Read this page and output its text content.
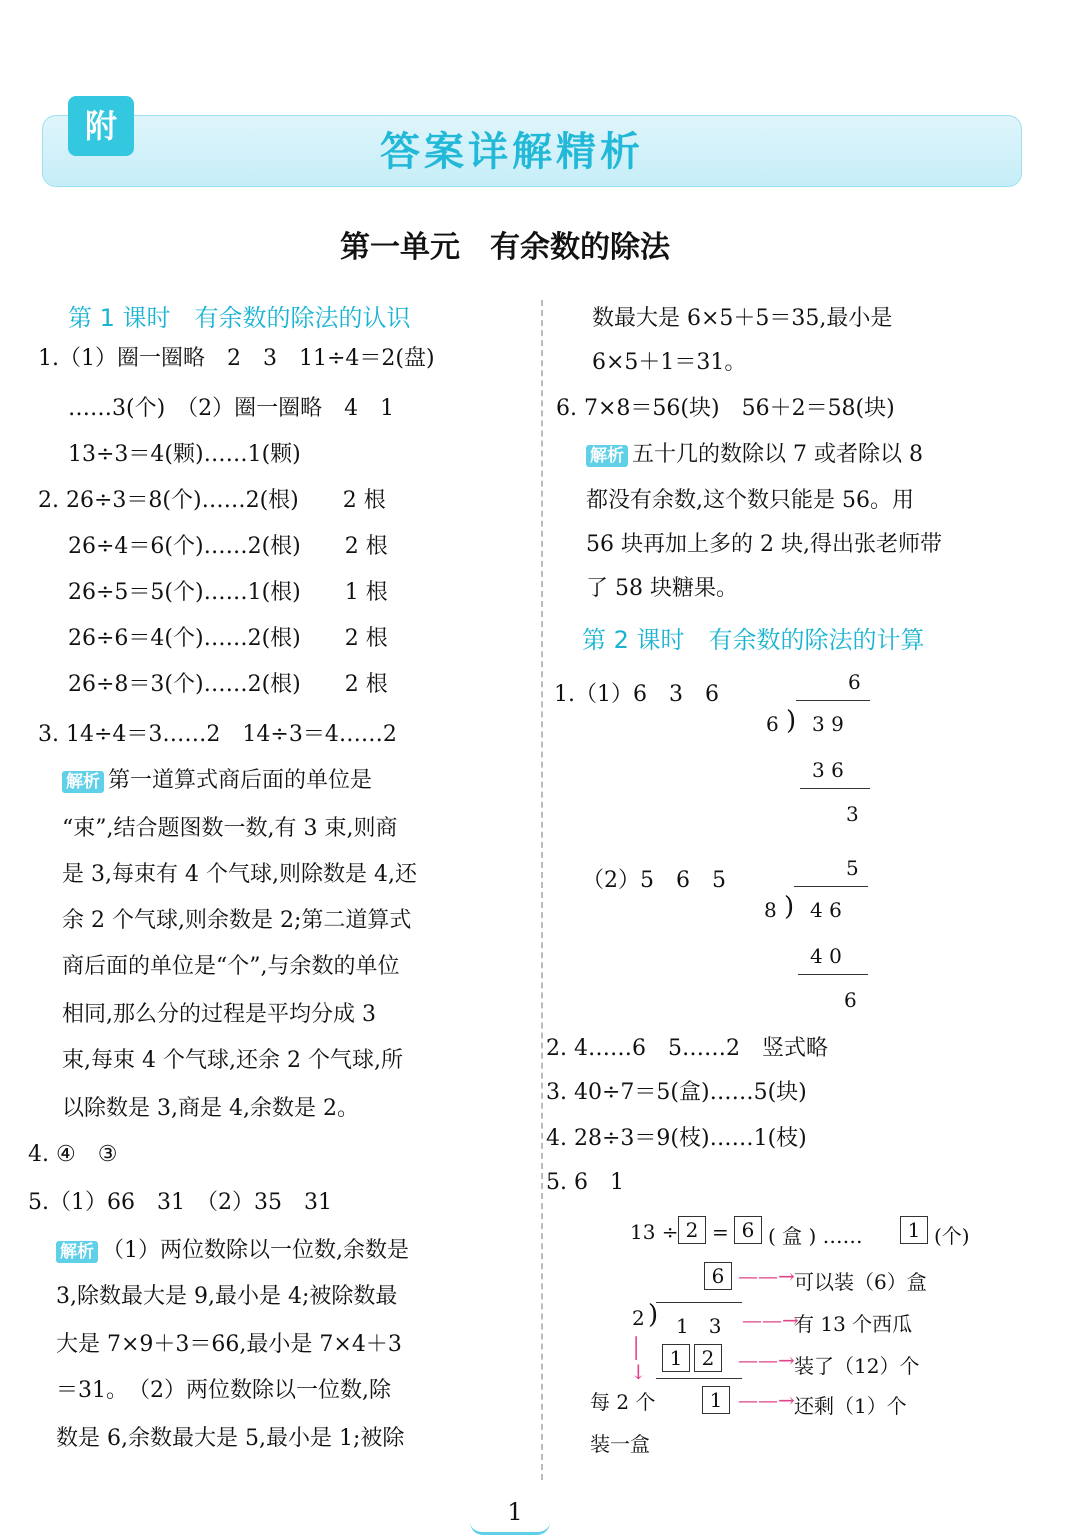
附
答案详解精析
第一单元　有余数的除法
第 1 课时　有余数的除法的认识
1.（1）圈一圈略　2　3　11÷4＝2(盘)
……3(个)　（2）圈一圈略　4　1
13÷3＝4(颗)……1(颗)
2. 26÷3＝8(个)……2(根)　　2 根
26÷4＝6(个)……2(根)　　2 根
26÷5＝5(个)……1(根)　　1 根
26÷6＝4(个)……2(根)　　2 根
26÷8＝3(个)……2(根)　　2 根
3. 14÷4＝3……2　14÷3＝4……2
解析 第一道算式商后面的单位是
“束”,结合题图数一数,有 3 束,则商
是 3,每束有 4 个气球,则除数是 4,还
余 2 个气球,则余数是 2;第二道算式
商后面的单位是“个”,与余数的单位
相同,那么分的过程是平均分成 3
束,每束 4 个气球,还余 2 个气球,所
以除数是 3,商是 4,余数是 2。
4. ④　③
5.（1）66　31　（2）35　31
解析 （1）两位数除以一位数,余数是
3,除数最大是 9,最小是 4;被除数最
大是 7×9＋3＝66,最小是 7×4＋3
＝31。　（2）两位数除以一位数,除
数是 6,余数最大是 5,最小是 1;被除
数最大是 6×5＋5＝35,最小是
6×5＋1＝31。
6. 7×8＝56(块)　56＋2＝58(块)
解析 五十几的数除以 7 或者除以 8
都没有余数,这个数只能是 56。用
56 块再加上多的 2 块,得出张老师带
了 58 块糖果。
第 2 课时　有余数的除法的计算
1.（1）6　3　6	6
6 ) 3 9
3 6
3
（2）5　6　5	5
8 ) 4 6
4 0
6
2. 4……6　5……2　竖式略
3. 40÷7＝5(盒)……5(块)
4. 28÷3＝9(枝)……1(枝)
5. 6　1
13 ÷ 2 = 6 ( 盒 ) ……	1 (个)
6 ——→ 可以装（6）盒
2 ) 1　3 ——→
有 13 个西瓜
│
↓
1 2	——→ 装了（12）个
1 ——→ 还剩（1）个
每 2 个
装一盒
1
